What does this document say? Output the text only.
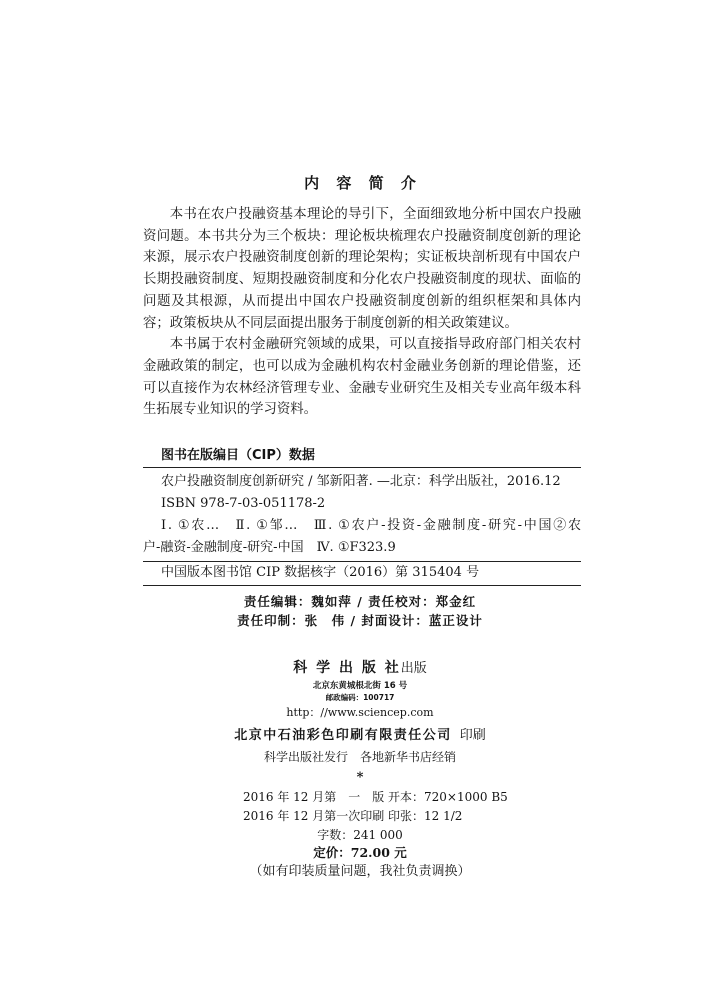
内 容 简 介
本书在农户投融资基本理论的导引下，全面细致地分析中国农户投融
资问题。本书共分为三个板块：理论板块梳理农户投融资制度创新的理论
来源，展示农户投融资制度创新的理论架构；实证板块剖析现有中国农户
长期投融资制度、短期投融资制度和分化农户投融资制度的现状、面临的
问题及其根源，从而提出中国农户投融资制度创新的组织框架和具体内
容；政策板块从不同层面提出服务于制度创新的相关政策建议。
本书属于农村金融研究领域的成果，可以直接指导政府部门相关农村
金融政策的制定，也可以成为金融机构农村金融业务创新的理论借鉴，还
可以直接作为农林经济管理专业、金融专业研究生及相关专业高年级本科
生拓展专业知识的学习资料。
图书在版编目（CIP）数据
农户投融资制度创新研究 / 邹新阳著. —北京：科学出版社，2016.12
ISBN 978-7-03-051178-2
Ⅰ. ①农…　Ⅱ. ①邹…　Ⅲ. ①农户-投资-金融制度-研究-中国②农
户-融资-金融制度-研究-中国　Ⅳ. ①F323.9
中国版本图书馆 CIP 数据核字（2016）第 315404 号
责任编辑：魏如萍 / 责任校对：郑金红
责任印制：张　伟 / 封面设计：蓝正设计
科 学 出 版 社出版
北京东黄城根北街 16 号
邮政编码：100717
http：//www.sciencep.com
北京中石油彩色印刷有限责任公司 印刷
科学出版社发行　各地新华书店经销
*
2016 年 12 月第　一　版 开本：720×1000 B5
2016 年 12 月第一次印刷 印张：12 1/2
字数：241 000
定价：72.00 元
（如有印装质量问题，我社负责调换）
